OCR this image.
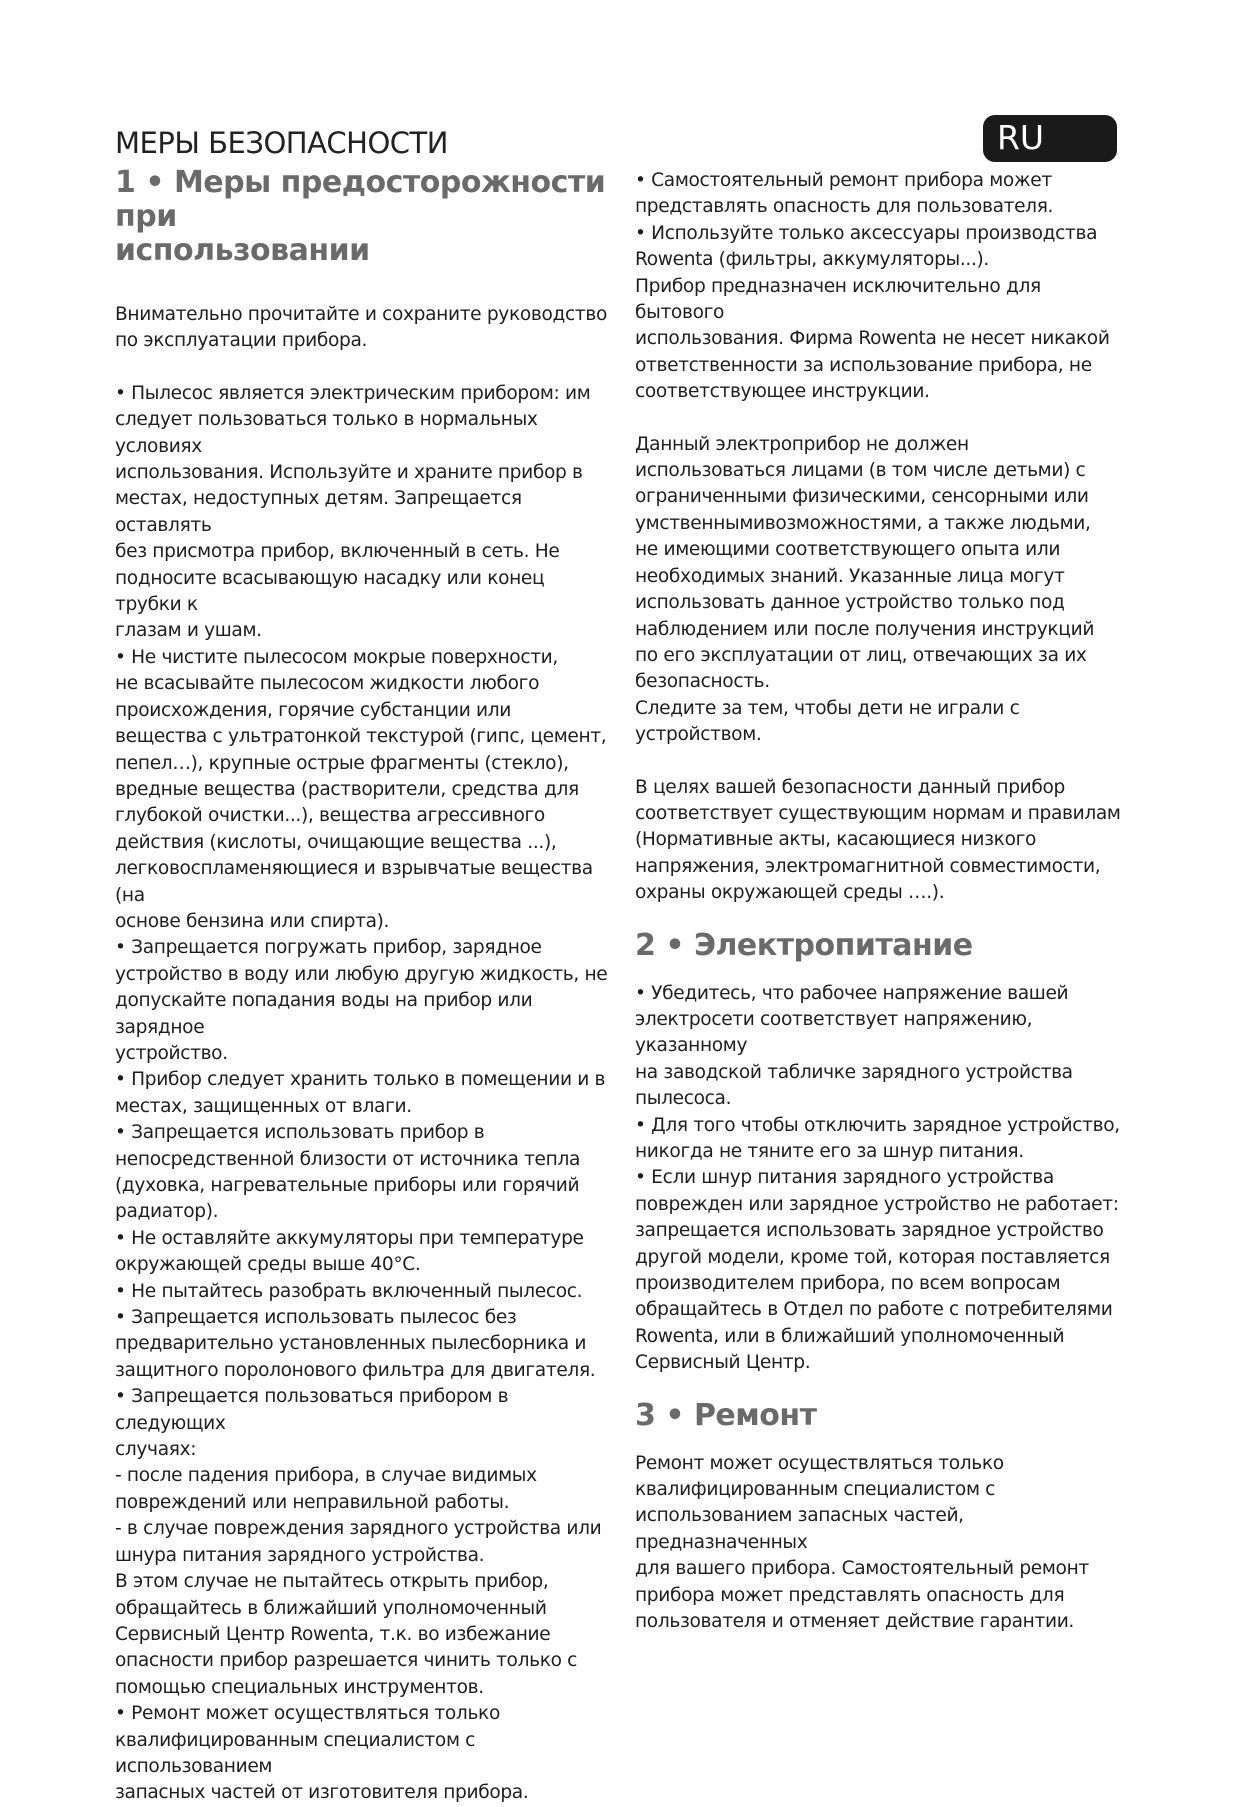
МЕРЫ БЕЗОПАСНОСТИ	RU
1 • Меры предосторожности при
использовании

Внимательно прочитайте и сохраните руководство
по эксплуатации прибора.

• Пылесос является электрическим прибором: им
следует пользоваться только в нормальных условиях
использования. Используйте и храните прибор в
местах, недоступных детям. Запрещается оставлять
без присмотра прибор, включенный в сеть. Не
подносите всасывающую насадку или конец трубки к
глазам и ушам.
• Не чистите пылесосом мокрые поверхности,
не всасывайте пылесосом жидкости любого
происхождения, горячие субстанции или
вещества с ультратонкой текстурой (гипс, цемент,
пепел…), крупные острые фрагменты (стекло),
вредные вещества (растворители, средства для
глубокой очистки...), вещества агрессивного
действия (кислоты, очищающие вещества ...),
легковоспламеняющиеся и взрывчатые вещества (на
основе бензина или спирта).
• Запрещается погружать прибор, зарядное
устройство в воду или любую другую жидкость, не
допускайте попадания воды на прибор или зарядное
устройство.
• Прибор следует хранить только в помещении и в
местах, защищенных от влаги.
• Запрещается использовать прибор в
непосредственной близости от источника тепла
(духовка, нагревательные приборы или горячий
радиатор).
• Не оставляйте аккумуляторы при температуре
окружающей среды выше 40°C.
• Не пытайтесь разобрать включенный пылесос.
• Запрещается использовать пылесос без
предварительно установленных пылесборника и
защитного поролонового фильтра для двигателя.
• Запрещается пользоваться прибором в следующих
случаях:
- после падения прибора, в случае видимых
повреждений или неправильной работы.
- в случае повреждения зарядного устройства или
шнура питания зарядного устройства.
В этом случае не пытайтесь открыть прибор,
обращайтесь в ближайший уполномоченный
Сервисный Центр Rowenta, т.к. во избежание
опасности прибор разрешается чинить только с
помощью специальных инструментов.
• Ремонт может осуществляться только
квалифицированным специалистом с использованием
запасных частей от изготовителя прибора.

• Самостоятельный ремонт прибора может
представлять опасность для пользователя.
• Используйте только аксессуары производства
Rowenta (фильтры, аккумуляторы...).
Прибор предназначен исключительно для бытового
использования. Фирма Rowenta не несет никакой
ответственности за использование прибора, не
соответствующее инструкции.

Данный электроприбор не должен
использоваться лицами (в том числе детьми) с
ограниченными физическими, сенсорными или
умственнымивозможностями, а также людьми,
не имеющими соответствующего опыта или
необходимых знаний. Указанные лица могут
использовать данное устройство только под
наблюдением или после получения инструкций
по его эксплуатации от лиц, отвечающих за их
безопасность.
Следите за тем, чтобы дети не играли с устройством.

В целях вашей безопасности данный прибор
соответствует существующим нормам и правилам
(Нормативные акты, касающиеся низкого
напряжения, электромагнитной совместимости,
охраны окружающей среды ….).

2 • Электропитание

• Убедитесь, что рабочее напряжение вашей
электросети соответствует напряжению, указанному
на заводской табличке зарядного устройства
пылесоса.
• Для того чтобы отключить зарядное устройство,
никогда не тяните его за шнур питания.
• Если шнур питания зарядного устройства
поврежден или зарядное устройство не работает:
запрещается использовать зарядное устройство
другой модели, кроме той, которая поставляется
производителем прибора, по всем вопросам
обращайтесь в Отдел по работе с потребителями
Rowenta, или в ближайший уполномоченный
Сервисный Центр.

3 • Ремонт

Ремонт может осуществляться только
квалифицированным специалистом с
использованием запасных частей, предназначенных
для вашего прибора. Самостоятельный ремонт
прибора может представлять опасность для
пользователя и отменяет действие гарантии.
